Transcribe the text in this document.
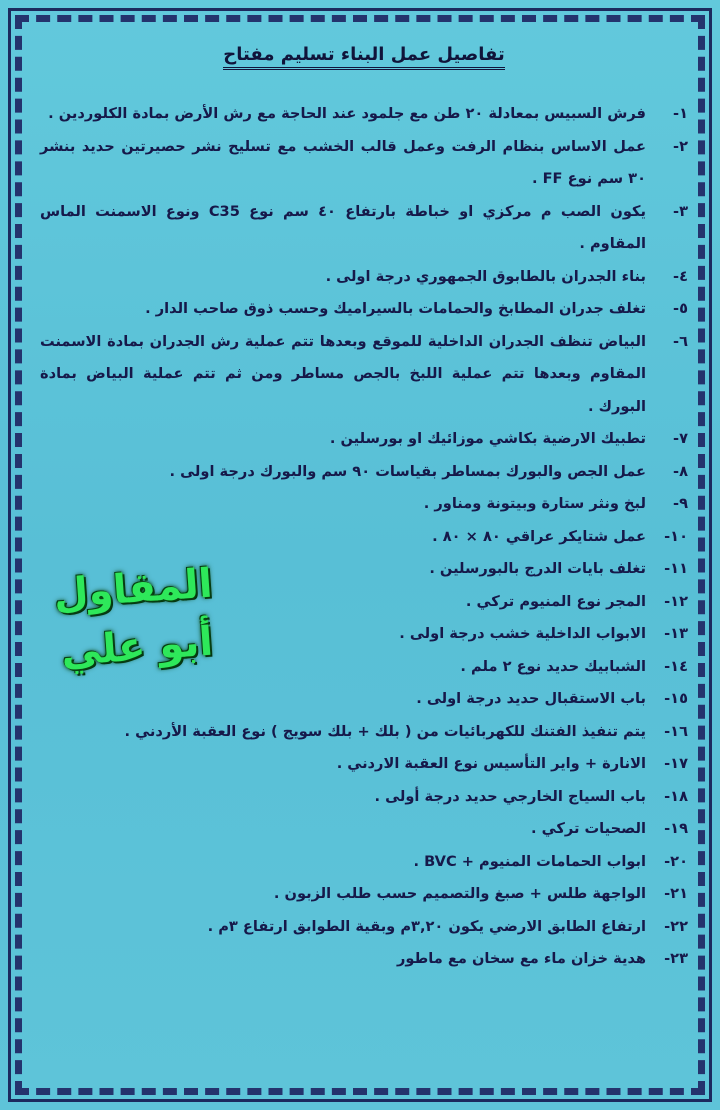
تفاصيل عمل البناء تسليم مفتاح
١-
فرش السبيس بمعادلة ٢٠ طن مع جلمود عند الحاجة مع رش الأرض بمادة الكلوردين .
٢-
عمل الاساس بنظام الرفت وعمل قالب الخشب مع تسليح نشر حصيرتين حديد بنشر ٣٠ سم نوع FF .
٣-
يكون الصب م مركزي او خباطة بارتفاع ٤٠ سم نوع C35 ونوع الاسمنت الماس المقاوم .
٤-
بناء الجدران بالطابوق الجمهوري درجة اولى .
٥-
تغلف جدران المطابخ والحمامات بالسيراميك وحسب ذوق صاحب الدار .
٦-
البياض تنظف الجدران الداخلية للموقع وبعدها تتم عملية رش الجدران بمادة الاسمنت المقاوم وبعدها تتم عملية اللبخ بالجص مساطر ومن ثم تتم عملية البياض بمادة البورك .
٧-
تطبيك الارضية بكاشي موزائيك او بورسلين .
٨-
عمل الجص والبورك بمساطر بقياسات ٩٠ سم والبورك درجة اولى .
٩-
لبخ ونثر ستارة وبيتونة ومناور .
١٠-
عمل شتايكر عراقي ٨٠ × ٨٠ .
١١-
تغلف بايات الدرج بالبورسلين .
١٢-
المجر نوع المنيوم تركي .
١٣-
الابواب الداخلية خشب درجة اولى .
١٤-
الشبابيك حديد نوع ٢ ملم .
١٥-
باب الاستقبال حديد درجة اولى .
١٦-
يتم تنفيذ الفتنك للكهربائيات من ( بلك + بلك سويج ) نوع العقبة الأردني .
١٧-
الانارة + واير التأسيس نوع العقبة الاردني .
١٨-
باب السياج الخارجي حديد درجة أولى .
١٩-
الصحيات تركي .
٢٠-
ابواب الحمامات المنيوم + BVC .
٢١-
الواجهة طلس + صبغ والتصميم حسب طلب الزبون .
٢٢-
ارتفاع الطابق الارضي يكون ٣,٢٠م وبقية الطوابق ارتفاع ٣م .
٢٣-
هدية خزان ماء مع سخان مع ماطور
المقاول
أبو علي
